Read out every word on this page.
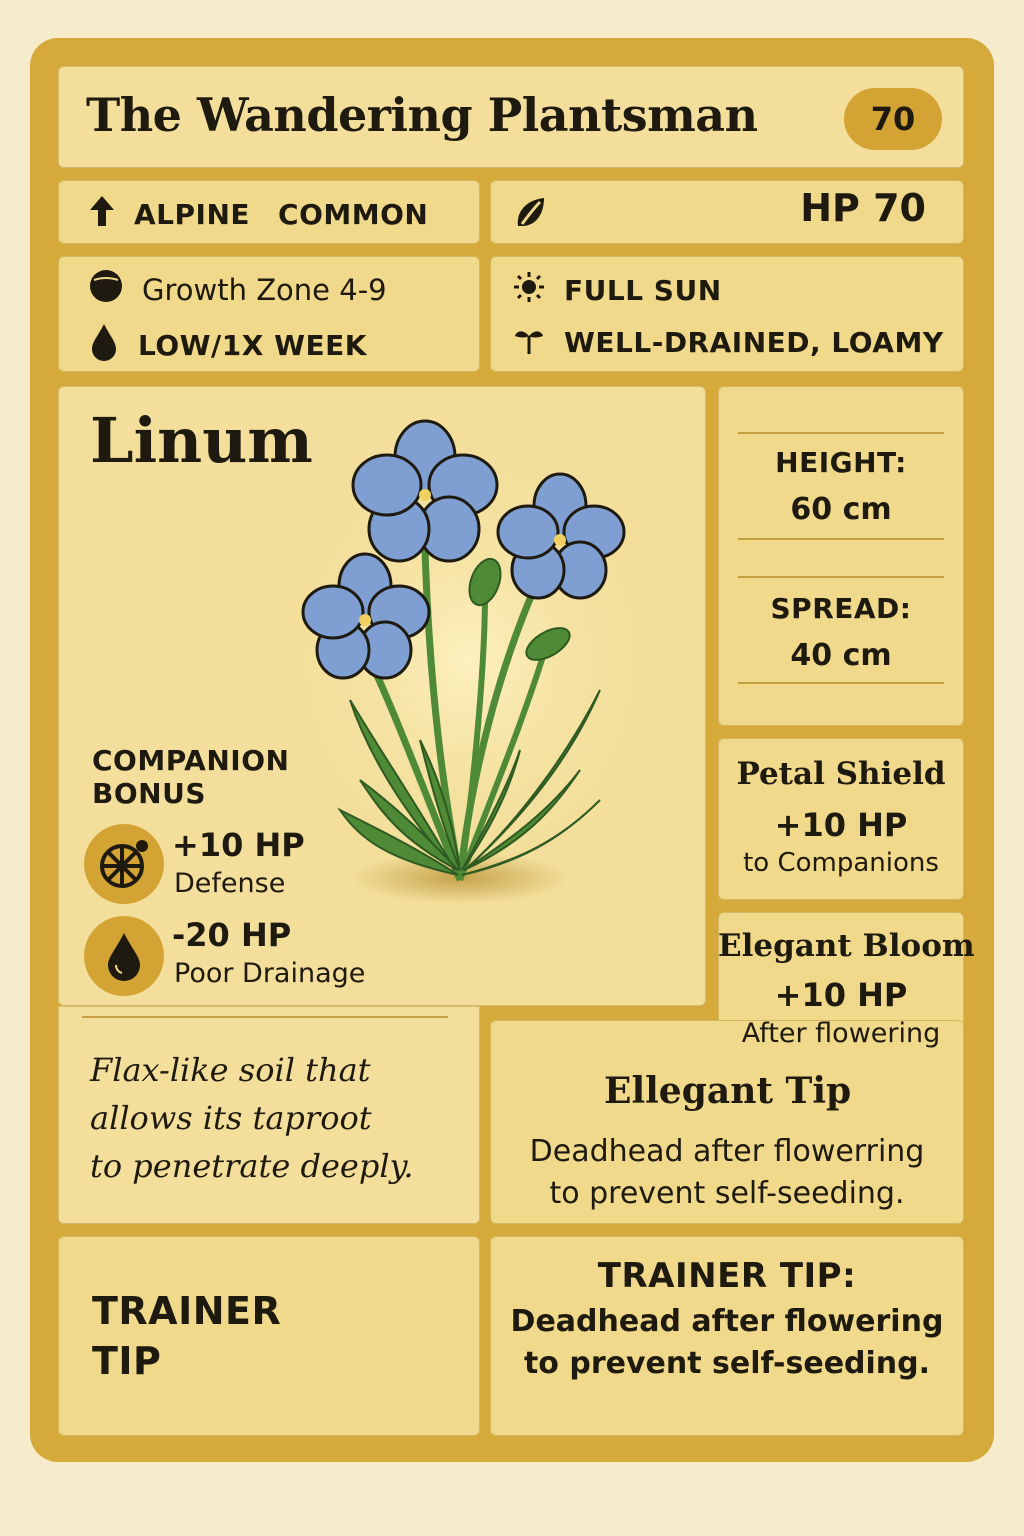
The Wandering Plantsman	70
ALPINE COMMON	HP 70
Growth Zone 4-9
LOW/1X WEEK
FULL SUN
WELL-DRAINED, LOAMY
Linum
COMPANION
BONUS
+10 HP
Defense
-20 HP
Poor Drainage
Flax-like soil that
allows its taproot
to penetrate deeply.
HEIGHT:
60 cm
SPREAD:
40 cm
Petal Shield
+10 HP
to Companions
Elegant Bloom
+10 HP
After flowering
Ellegant Tip
Deadhead after flowerring
to prevent self-seeding.
TRAINER
TIP
TRAINER TIP:
Deadhead after flowering
to prevent self-seeding.
